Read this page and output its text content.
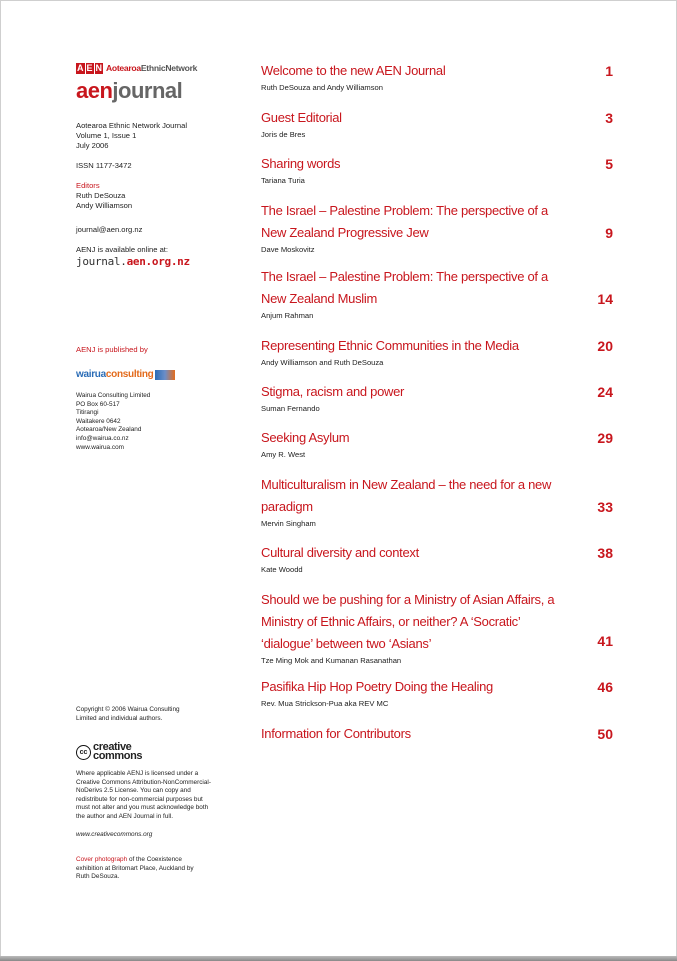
A E N AotearoaEthnicNetwork
aenjournal
Aotearoa Ethnic Network Journal
Volume 1, Issue 1
July 2006
ISSN 1177-3472
Editors
Ruth DeSouza
Andy Williamson
journal@aen.org.nz
AENJ is available online at:
journal.aen.org.nz
AENJ is published by
wairua consulting
Wairua Consulting Limited
PO Box 60-517
Titirangi
Waitakere 0642
Aotearoa/New Zealand
info@wairua.co.nz
www.wairua.com
Copyright © 2006 Wairua Consulting
Limited and individual authors.
cc creative
commons
Where applicable AENJ is licensed under a
Creative Commons Attribution-NonCommercial-
NoDerivs 2.5 License. You can copy and
redistribute for non-commercial purposes but
must not alter and you must acknowledge both
the author and AEN Journal in full.
www.creativecommons.org
Cover photograph of the Coexistence
exhibition at Britomart Place, Auckland by
Ruth DeSouza.
Welcome to the new AEN Journal	1
Ruth DeSouza and Andy Williamson
Guest Editorial	3
Joris de Bres
Sharing words	5
Tariana Turia
The Israel – Palestine Problem: The perspective of a
New Zealand Progressive Jew	9
Dave Moskovitz
The Israel – Palestine Problem: The perspective of a
New Zealand Muslim	14
Anjum Rahman
Representing Ethnic Communities in the Media	20
Andy Williamson and Ruth DeSouza
Stigma, racism and power	24
Suman Fernando
Seeking Asylum	29
Amy R. West
Multiculturalism in New Zealand – the need for a new
paradigm	33
Mervin Singham
Cultural diversity and context	38
Kate Woodd
Should we be pushing for a Ministry of Asian Affairs, a
Ministry of Ethnic Affairs, or neither? A ‘Socratic’
‘dialogue’ between two ‘Asians’	41
Tze Ming Mok and Kumanan Rasanathan
Pasifika Hip Hop Poetry Doing the Healing	46
Rev. Mua Strickson-Pua aka REV MC
Information for Contributors	50
